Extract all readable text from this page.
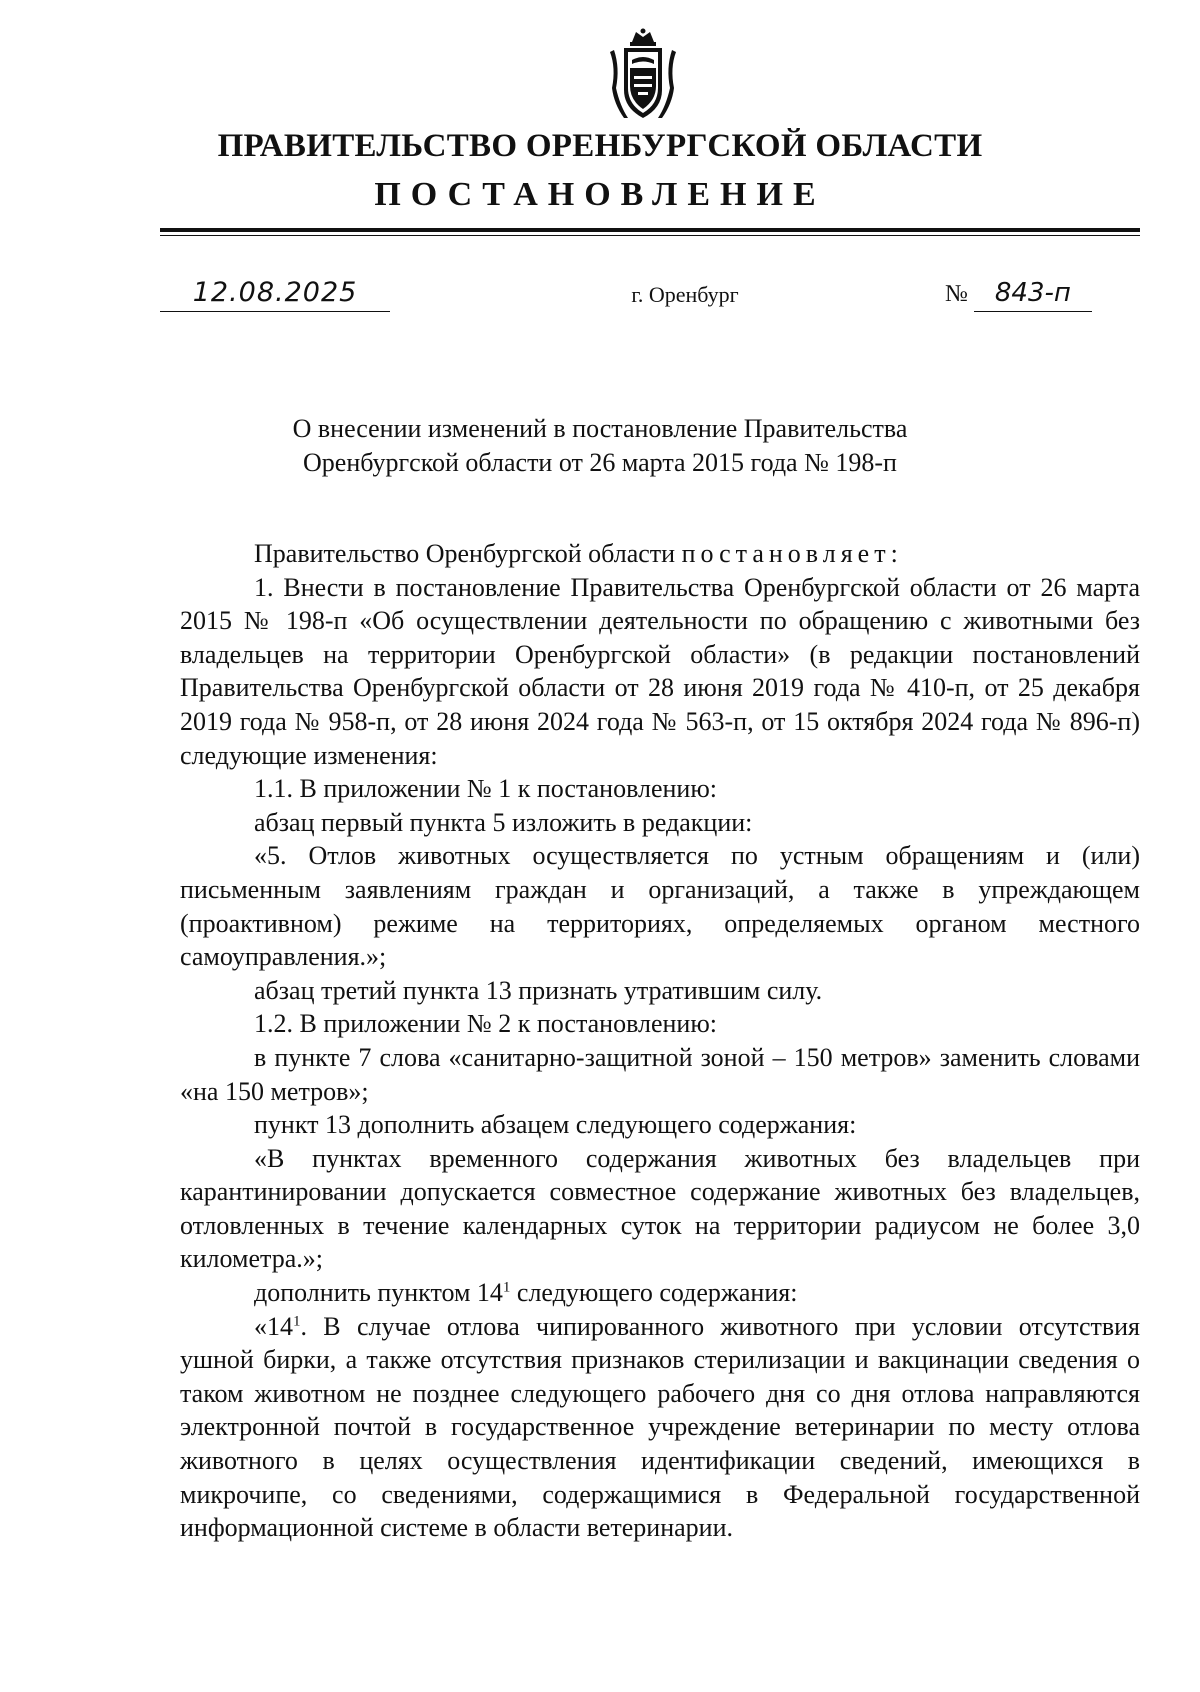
ПРАВИТЕЛЬСТВО ОРЕНБУРГСКОЙ ОБЛАСТИ
ПОСТАНОВЛЕНИЕ
12.08.2025	г. Оренбург	№ 843-п
О внесении изменений в постановление Правительства
Оренбургской области от 26 марта 2015 года № 198-п

Правительство Оренбургской области постановляет:

1. Внести в постановление Правительства Оренбургской области от 26 марта 2015 № 198-п «Об осуществлении деятельности по обращению с животными без владельцев на территории Оренбургской области» (в редакции постановлений Правительства Оренбургской области от 28 июня 2019 года № 410-п, от 25 декабря 2019 года № 958-п, от 28 июня 2024 года № 563-п, от 15 октября 2024 года № 896-п) следующие изменения:

1.1. В приложении № 1 к постановлению:

абзац первый пункта 5 изложить в редакции:

«5. Отлов животных осуществляется по устным обращениям и (или) письменным заявлениям граждан и организаций, а также в упреждающем (проактивном) режиме на территориях, определяемых органом местного самоуправления.»;

абзац третий пункта 13 признать утратившим силу.

1.2. В приложении № 2 к постановлению:

в пункте 7 слова «санитарно-защитной зоной – 150 метров» заменить словами «на 150 метров»;

пункт 13 дополнить абзацем следующего содержания:

«В пунктах временного содержания животных без владельцев при карантинировании допускается совместное содержание животных без владельцев, отловленных в течение календарных суток на территории радиусом не более 3,0 километра.»;

дополнить пунктом $14^1$ следующего содержания:

«$14^1$. В случае отлова чипированного животного при условии отсутствия ушной бирки, а также отсутствия признаков стерилизации и вакцинации сведения о таком животном не позднее следующего рабочего дня со дня отлова направляются электронной почтой в государственное учреждение ветеринарии по месту отлова животного в целях осуществления идентификации сведений, имеющихся в микрочипе, со сведениями, содержащимися в Федеральной государственной информационной системе в области ветеринарии.
